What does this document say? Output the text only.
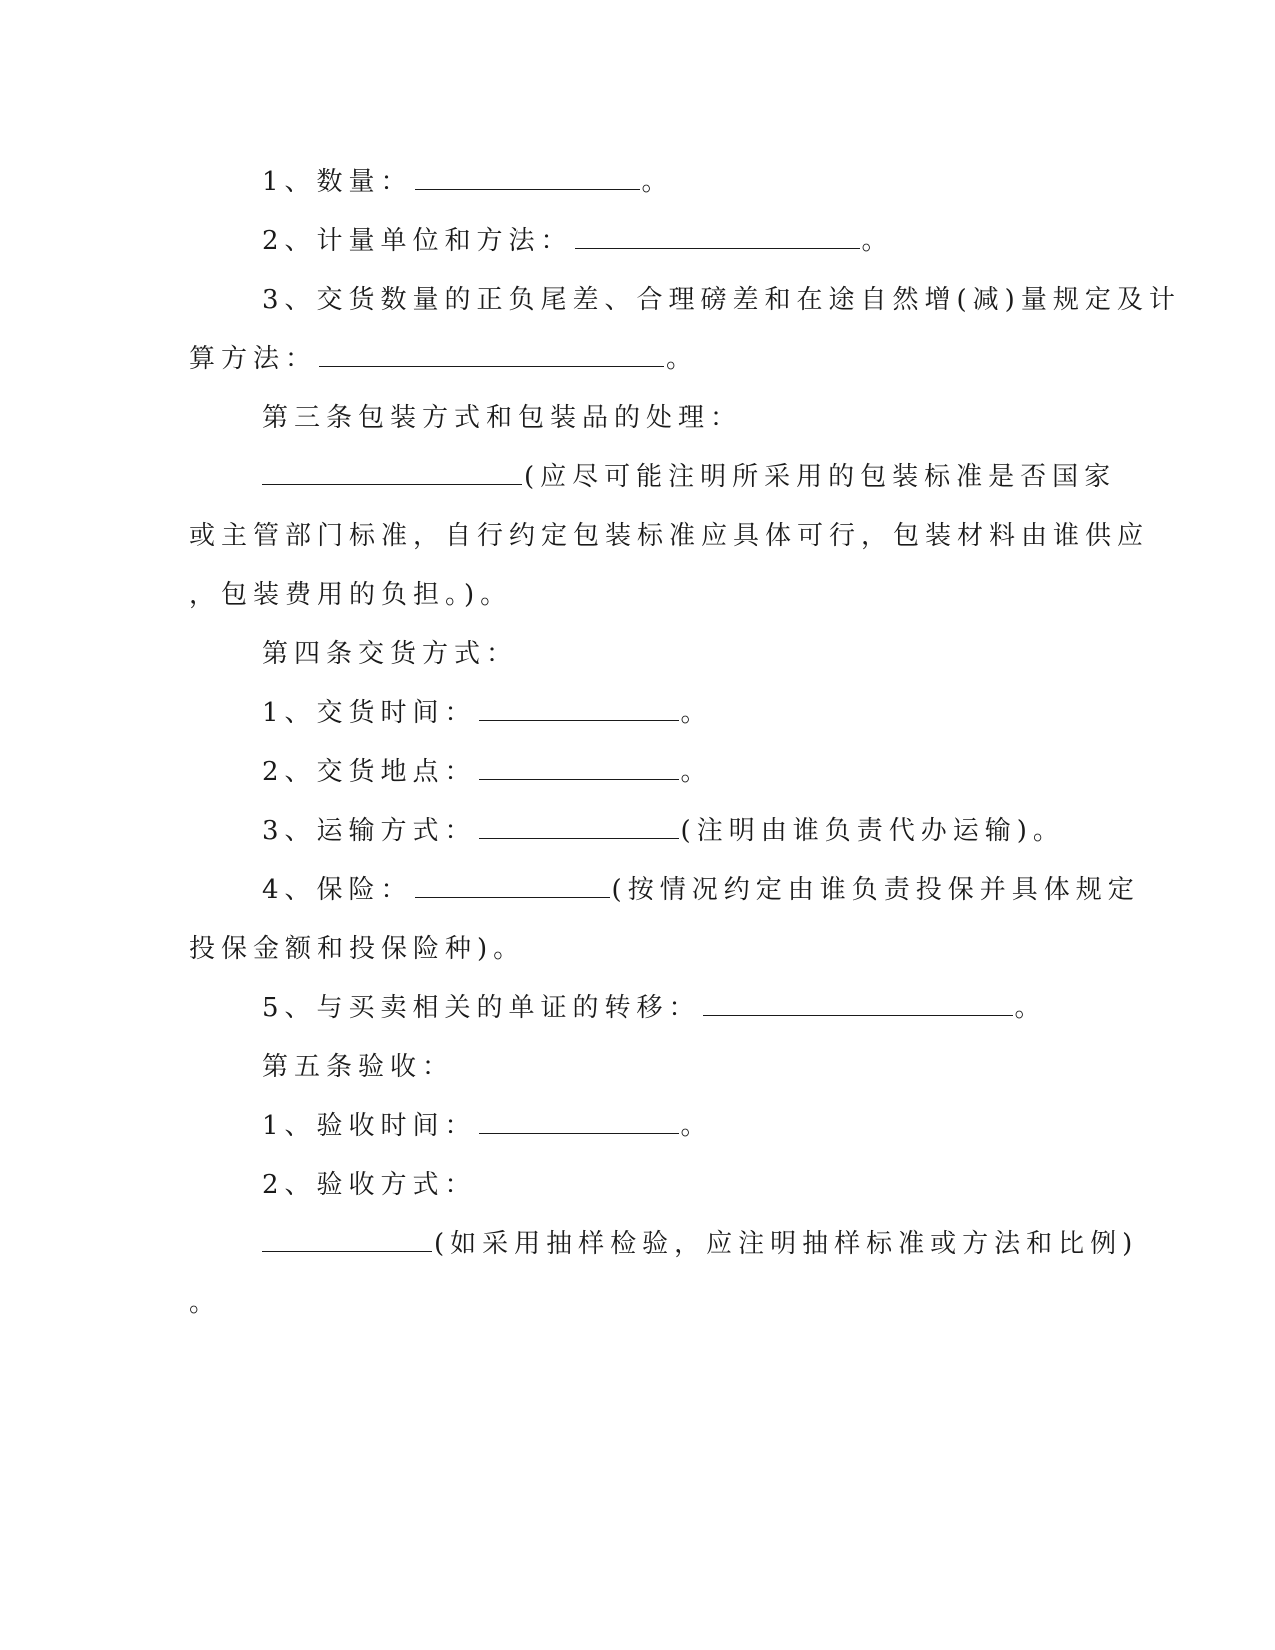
1、数量：	。
2、计量单位和方法：	。
3、交货数量的正负尾差、合理磅差和在途自然增(减)量规定及计
算方法：	。
第三条包装方式和包装品的处理：
(应尽可能注明所采用的包装标准是否国家
或主管部门标准，自行约定包装标准应具体可行，包装材料由谁供应
，包装费用的负担。)。
第四条交货方式：
1、交货时间：	。
2、交货地点：	。
3、运输方式：	(注明由谁负责代办运输)。
4、保险：	(按情况约定由谁负责投保并具体规定
投保金额和投保险种)。
5、与买卖相关的单证的转移：	。
第五条验收：
1、验收时间：	。
2、验收方式：
(如采用抽样检验，应注明抽样标准或方法和比例)
。
